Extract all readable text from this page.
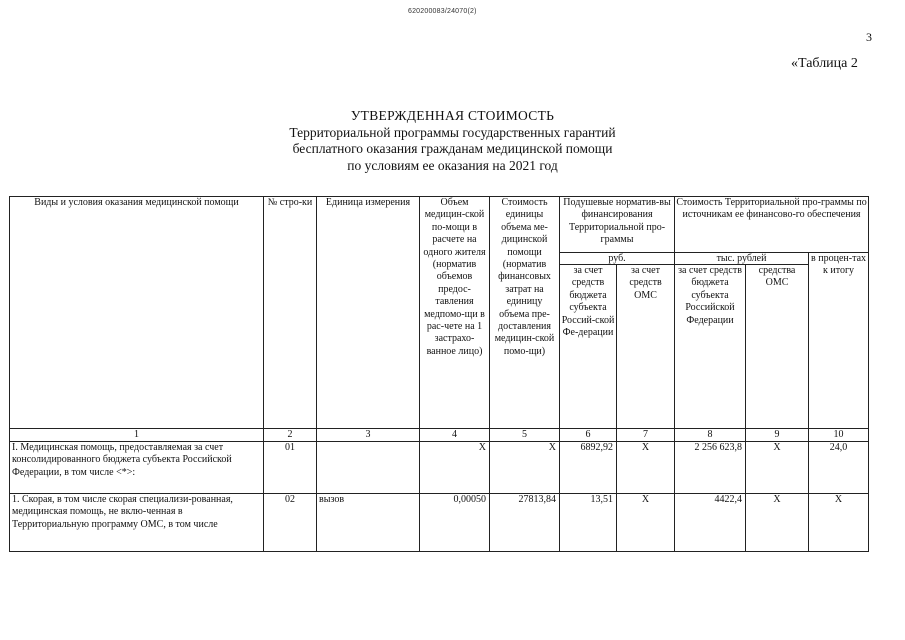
620200083/24070(2)
3
«Таблица 2
УТВЕРЖДЕННАЯ СТОИМОСТЬ
Территориальной программы государственных гарантий
бесплатного оказания гражданам медицинской помощи
по условиям ее оказания на 2021 год
Виды и условия оказания медицинской помощи	№ стро-ки	Единица измерения	Объем медицин-ской по-мощи в расчете на одного жителя (норматив объемов предос-тавления медпомо-щи в рас-чете на 1 застрахо-ванное лицо)	Стоимость единицы объема ме-дицинской помощи (норматив финансовых затрат на единицу объема пре-доставления медицин-ской помо-щи)	Подушевые норматив-вы финансирования Территориальной про-граммы		Стоимость Территориальной про-граммы по источникам ее финансово-го обеспечения		
					руб.		тыс. рублей		в процен-тах к итогу
					за счет средств бюджета субъекта Россий-ской Фе-дерации	за счет средств ОМС	за счет средств бюджета субъекта Российской Федерации	средства ОМС	
1	2	3	4	5	6	7	8	9	10
I. Медицинская помощь, предоставляемая за счет консолидированного бюджета субъекта Российской Федерации, в том числе <*>:	01		Х	Х	6892,92	Х	2 256 623,8	Х	24,0
1. Скорая, в том числе скорая специализи-рованная, медицинская помощь, не вклю-ченная в Территориальную программу ОМС, в том числе	02	вызов	0,00050	27813,84	13,51	Х	4422,4	Х	Х
